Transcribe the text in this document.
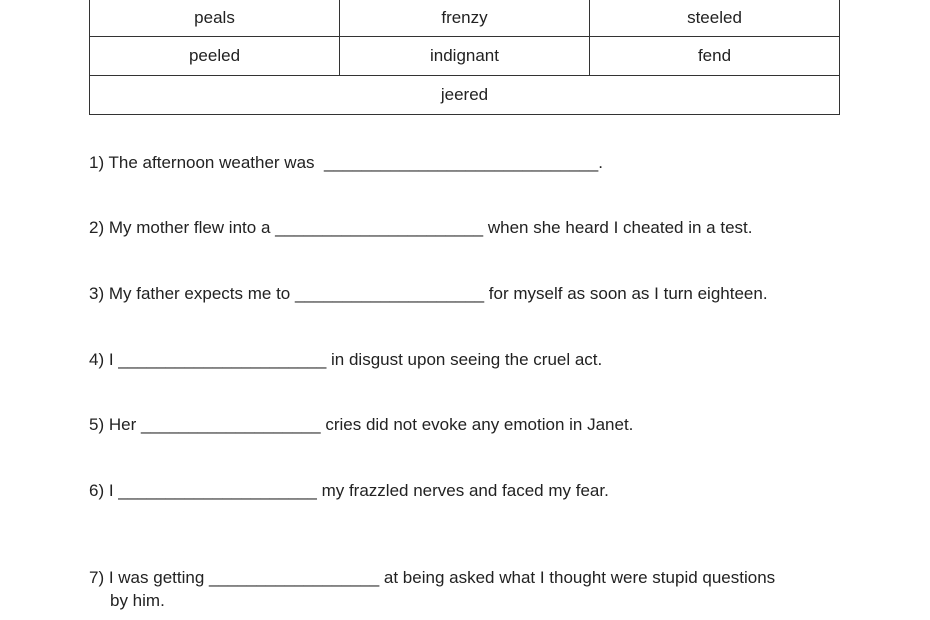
peals	frenzy	steeled
peeled	indignant	fend
jeered		
1) The afternoon weather was  _____________________________.
2) My mother flew into a ______________________ when she heard I cheated in a test.
3) My father expects me to ____________________ for myself as soon as I turn eighteen.
4) I ______________________ in disgust upon seeing the cruel act.
5) Her ___________________ cries did not evoke any emotion in Janet.
6) I _____________________ my frazzled nerves and faced my fear.
7) I was getting __________________ at being asked what I thought were stupid questions
by him.
